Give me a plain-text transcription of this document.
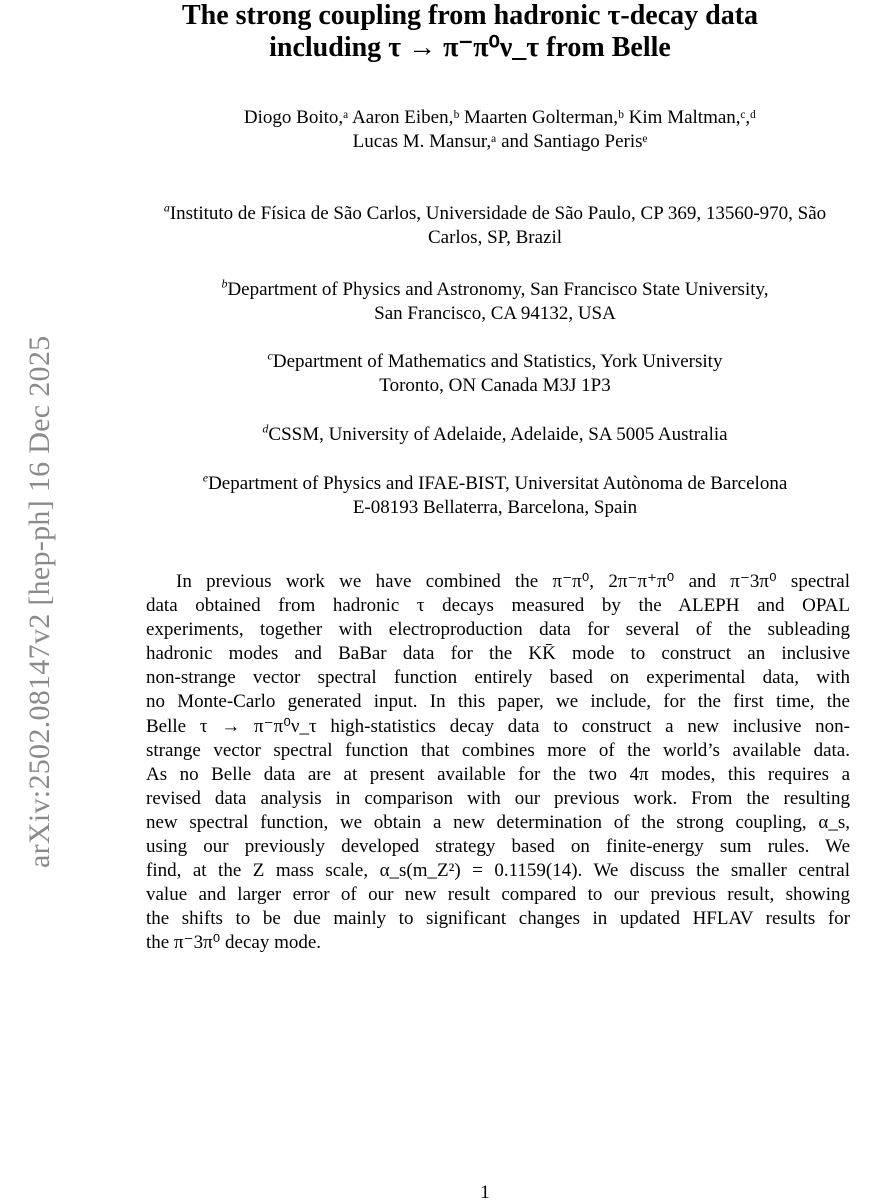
arXiv:2502.08147v2 [hep-ph] 16 Dec 2025
The strong coupling from hadronic τ-decay data
including τ → π⁻π⁰ν_τ from Belle
Diogo Boito,ᵃ Aaron Eiben,ᵇ Maarten Golterman,ᵇ Kim Maltman,ᶜ,ᵈ
Lucas M. Mansur,ᵃ and Santiago Perisᵉ
$^a$Instituto de Física de São Carlos, Universidade de São Paulo, CP 369, 13560-970, São
Carlos, SP, Brazil
$^b$Department of Physics and Astronomy, San Francisco State University,
San Francisco, CA 94132, USA
$^c$Department of Mathematics and Statistics, York University
Toronto, ON Canada M3J 1P3
$^d$CSSM, University of Adelaide, Adelaide, SA 5005 Australia
$^e$Department of Physics and IFAE-BIST, Universitat Autònoma de Barcelona
E-08193 Bellaterra, Barcelona, Spain
In previous work we have combined the π⁻π⁰, 2π⁻π⁺π⁰ and π⁻3π⁰ spectral
data obtained from hadronic τ decays measured by the ALEPH and OPAL
experiments, together with electroproduction data for several of the subleading
hadronic modes and BaBar data for the KK̄ mode to construct an inclusive
non-strange vector spectral function entirely based on experimental data, with
no Monte-Carlo generated input. In this paper, we include, for the first time, the
Belle τ → π⁻π⁰ν_τ high-statistics decay data to construct a new inclusive non-
strange vector spectral function that combines more of the world’s available data.
As no Belle data are at present available for the two 4π modes, this requires a
revised data analysis in comparison with our previous work. From the resulting
new spectral function, we obtain a new determination of the strong coupling, α_s,
using our previously developed strategy based on finite-energy sum rules. We
find, at the Z mass scale, α_s(m_Z²) = 0.1159(14). We discuss the smaller central
value and larger error of our new result compared to our previous result, showing
the shifts to be due mainly to significant changes in updated HFLAV results for
the π⁻3π⁰ decay mode.
1
